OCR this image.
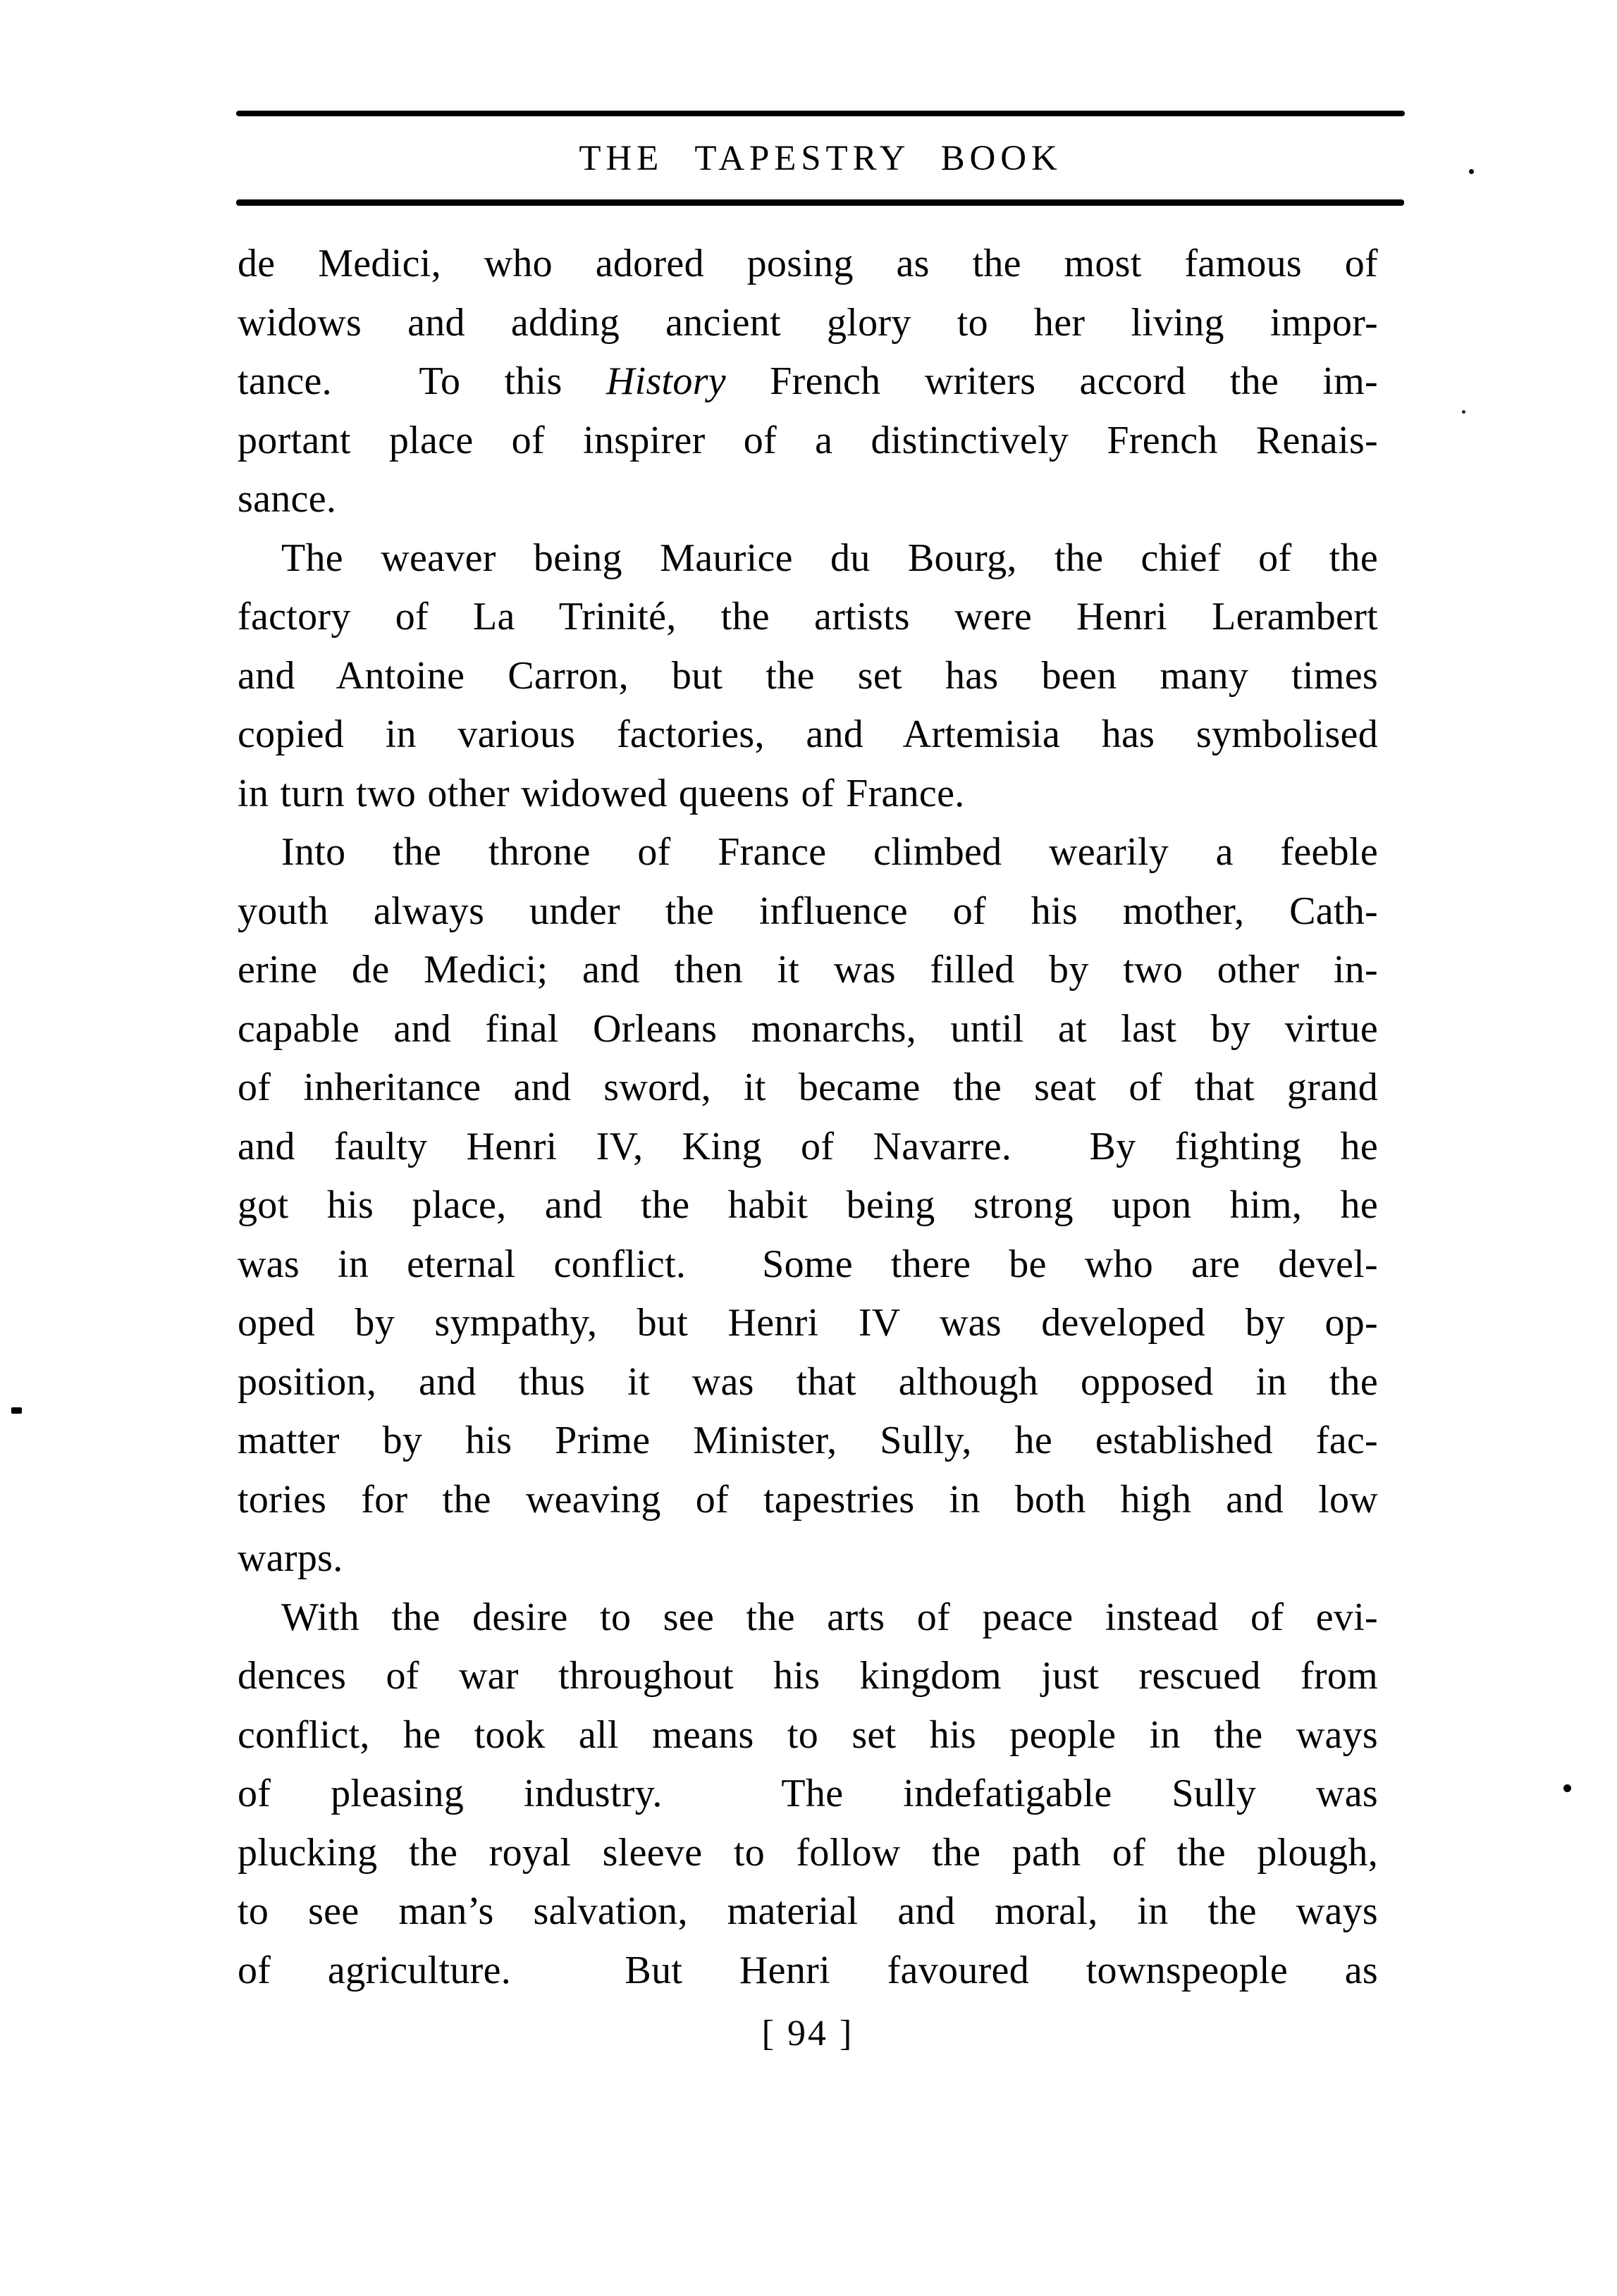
THE TAPESTRY BOOK
de Medici, who adored posing as the most famous of
widows and adding ancient glory to her living impor-
tance.  To this History French writers accord the im-
portant place of inspirer of a distinctively French Renais-
sance.
The weaver being Maurice du Bourg, the chief of the
factory of La Trinité, the artists were Henri Lerambert
and Antoine Carron, but the set has been many times
copied in various factories, and Artemisia has symbolised
in turn two other widowed queens of France.
Into the throne of France climbed wearily a feeble
youth always under the influence of his mother, Cath-
erine de Medici; and then it was filled by two other in-
capable and final Orleans monarchs, until at last by virtue
of inheritance and sword, it became the seat of that grand
and faulty Henri IV, King of Navarre.  By fighting he
got his place, and the habit being strong upon him, he
was in eternal conflict.  Some there be who are devel-
oped by sympathy, but Henri IV was developed by op-
position, and thus it was that although opposed in the
matter by his Prime Minister, Sully, he established fac-
tories for the weaving of tapestries in both high and low
warps.
With the desire to see the arts of peace instead of evi-
dences of war throughout his kingdom just rescued from
conflict, he took all means to set his people in the ways
of pleasing industry.  The indefatigable Sully was
plucking the royal sleeve to follow the path of the plough,
to see man’s salvation, material and moral, in the ways
of agriculture.  But Henri favoured townspeople as
[ 94 ]
